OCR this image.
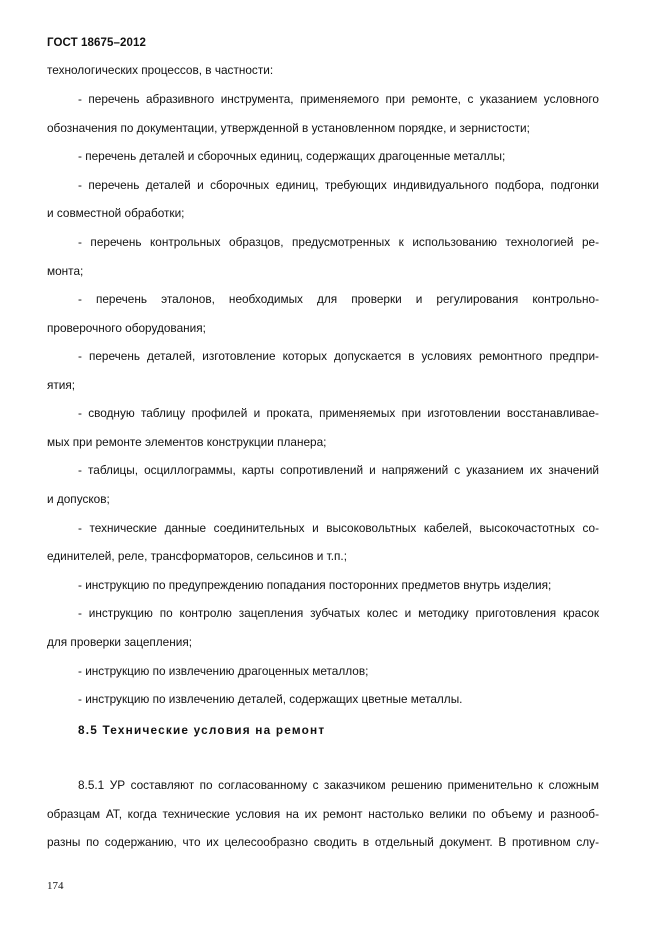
ГОСТ 18675–2012
технологических процессов, в частности:
- перечень абразивного инструмента, применяемого при ремонте, с указанием условного
обозначения по документации, утвержденной в установленном порядке, и зернистости;
- перечень деталей и сборочных единиц, содержащих драгоценные металлы;
- перечень деталей и сборочных единиц, требующих индивидуального подбора, подгонки
и совместной обработки;
- перечень контрольных образцов, предусмотренных к использованию технологией ре-
монта;
- перечень эталонов, необходимых для проверки и регулирования контрольно-
проверочного оборудования;
- перечень деталей, изготовление которых допускается в условиях ремонтного предпри-
ятия;
- сводную таблицу профилей и проката, применяемых при изготовлении восстанавливае-
мых при ремонте элементов конструкции планера;
- таблицы, осциллограммы, карты сопротивлений и напряжений с указанием их значений
и допусков;
- технические данные соединительных и высоковольтных кабелей, высокочастотных со-
единителей, реле, трансформаторов, сельсинов и т.п.;
- инструкцию по предупреждению попадания посторонних предметов внутрь изделия;
- инструкцию по контролю зацепления зубчатых колес и методику приготовления красок
для проверки зацепления;
- инструкцию по извлечению драгоценных металлов;
- инструкцию по извлечению деталей, содержащих цветные металлы.
8.5 Технические условия на ремонт
8.5.1 УР составляют по согласованному с заказчиком решению применительно к сложным
образцам АТ, когда технические условия на их ремонт настолько велики по объему и разнооб-
разны по содержанию, что их целесообразно сводить в отдельный документ. В противном слу-
174
